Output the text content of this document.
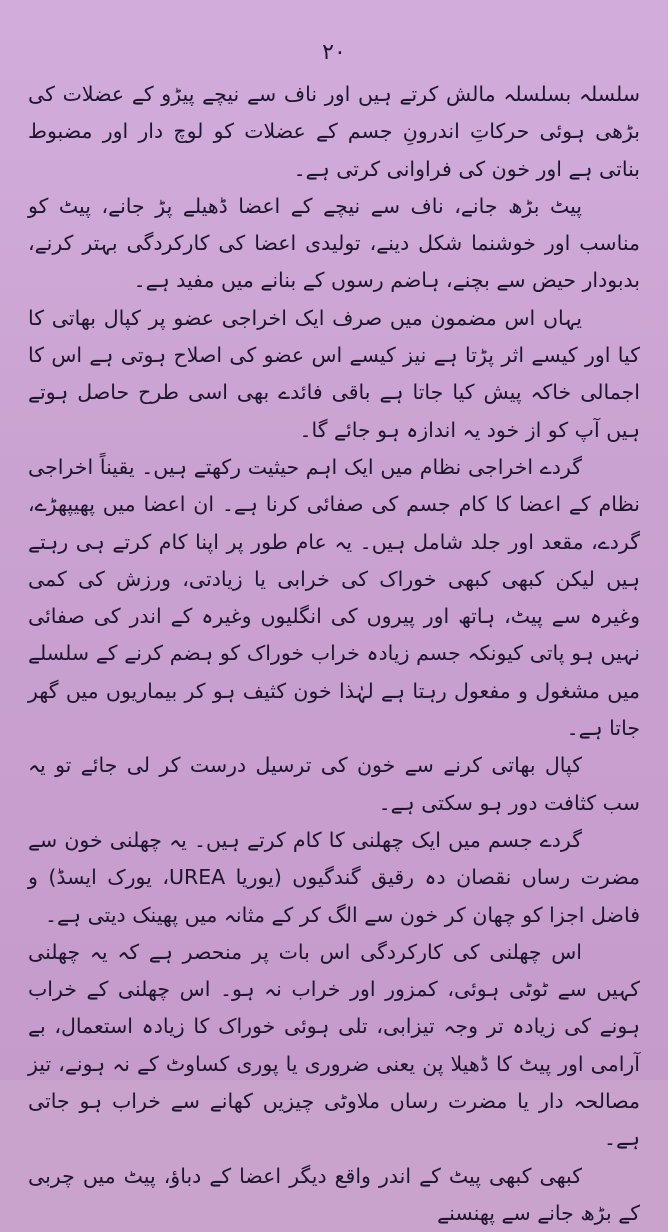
۲۰

سلسلہ بسلسلہ مالش کرتے ہیں اور ناف سے نیچے پیڑو کے عضلات کی بڑھی ہوئی حرکاتِ اندرونِ جسم کے عضلات کو لوچ دار اور مضبوط بناتی ہے اور خون کی فراوانی کرتی ہے۔

پیٹ بڑھ جانے، ناف سے نیچے کے اعضا ڈھیلے پڑ جانے، پیٹ کو مناسب اور خوشنما شکل دینے، تولیدی اعضا کی کارکردگی بہتر کرنے، بدبودار حیض سے بچنے، ہاضم رسوں کے بنانے میں مفید ہے۔

یہاں اس مضمون میں صرف ایک اخراجی عضو پر کپال بھاتی کا کیا اور کیسے اثر پڑتا ہے نیز کیسے اس عضو کی اصلاح ہوتی ہے اس کا اجمالی خاکہ پیش کیا جاتا ہے باقی فائدے بھی اسی طرح حاصل ہوتے ہیں آپ کو از خود یہ اندازہ ہو جائے گا۔

گردے اخراجی نظام میں ایک اہم حیثیت رکھتے ہیں۔ یقیناً اخراجی نظام کے اعضا کا کام جسم کی صفائی کرنا ہے۔ ان اعضا میں پھیپھڑے، گردے، مقعد اور جلد شامل ہیں۔ یہ عام طور پر اپنا کام کرتے ہی رہتے ہیں لیکن کبھی کبھی خوراک کی خرابی یا زیادتی، ورزش کی کمی وغیرہ سے پیٹ، ہاتھ اور پیروں کی انگلیوں وغیرہ کے اندر کی صفائی نہیں ہو پاتی کیونکہ جسم زیادہ خراب خوراک کو ہضم کرنے کے سلسلے میں مشغول و مفعول رہتا ہے لہٰذا خون کثیف ہو کر بیماریوں میں گھر جاتا ہے۔

کپال بھاتی کرنے سے خون کی ترسیل درست کر لی جائے تو یہ سب کثافت دور ہو سکتی ہے۔

گردے جسم میں ایک چھلنی کا کام کرتے ہیں۔ یہ چھلنی خون سے مضرت رساں نقصان دہ رقیق گندگیوں (یوریا UREA، یورک ایسڈ) و فاضل اجزا کو چھان کر خون سے الگ کر کے مثانہ میں پھینک دیتی ہے۔

اس چھلنی کی کارکردگی اس بات پر منحصر ہے کہ یہ چھلنی کہیں سے ٹوٹی ہوئی، کمزور اور خراب نہ ہو۔ اس چھلنی کے خراب ہونے کی زیادہ تر وجہ تیزابی، تلی ہوئی خوراک کا زیادہ استعمال، بے آرامی اور پیٹ کا ڈھیلا پن یعنی ضروری یا پوری کساوٹ کے نہ ہونے، تیز مصالحہ دار یا مضرت رساں ملاوٹی چیزیں کھانے سے خراب ہو جاتی ہے۔

کبھی کبھی پیٹ کے اندر واقع دیگر اعضا کے دباؤ، پیٹ میں چربی کے بڑھ جانے سے پھنسنے
